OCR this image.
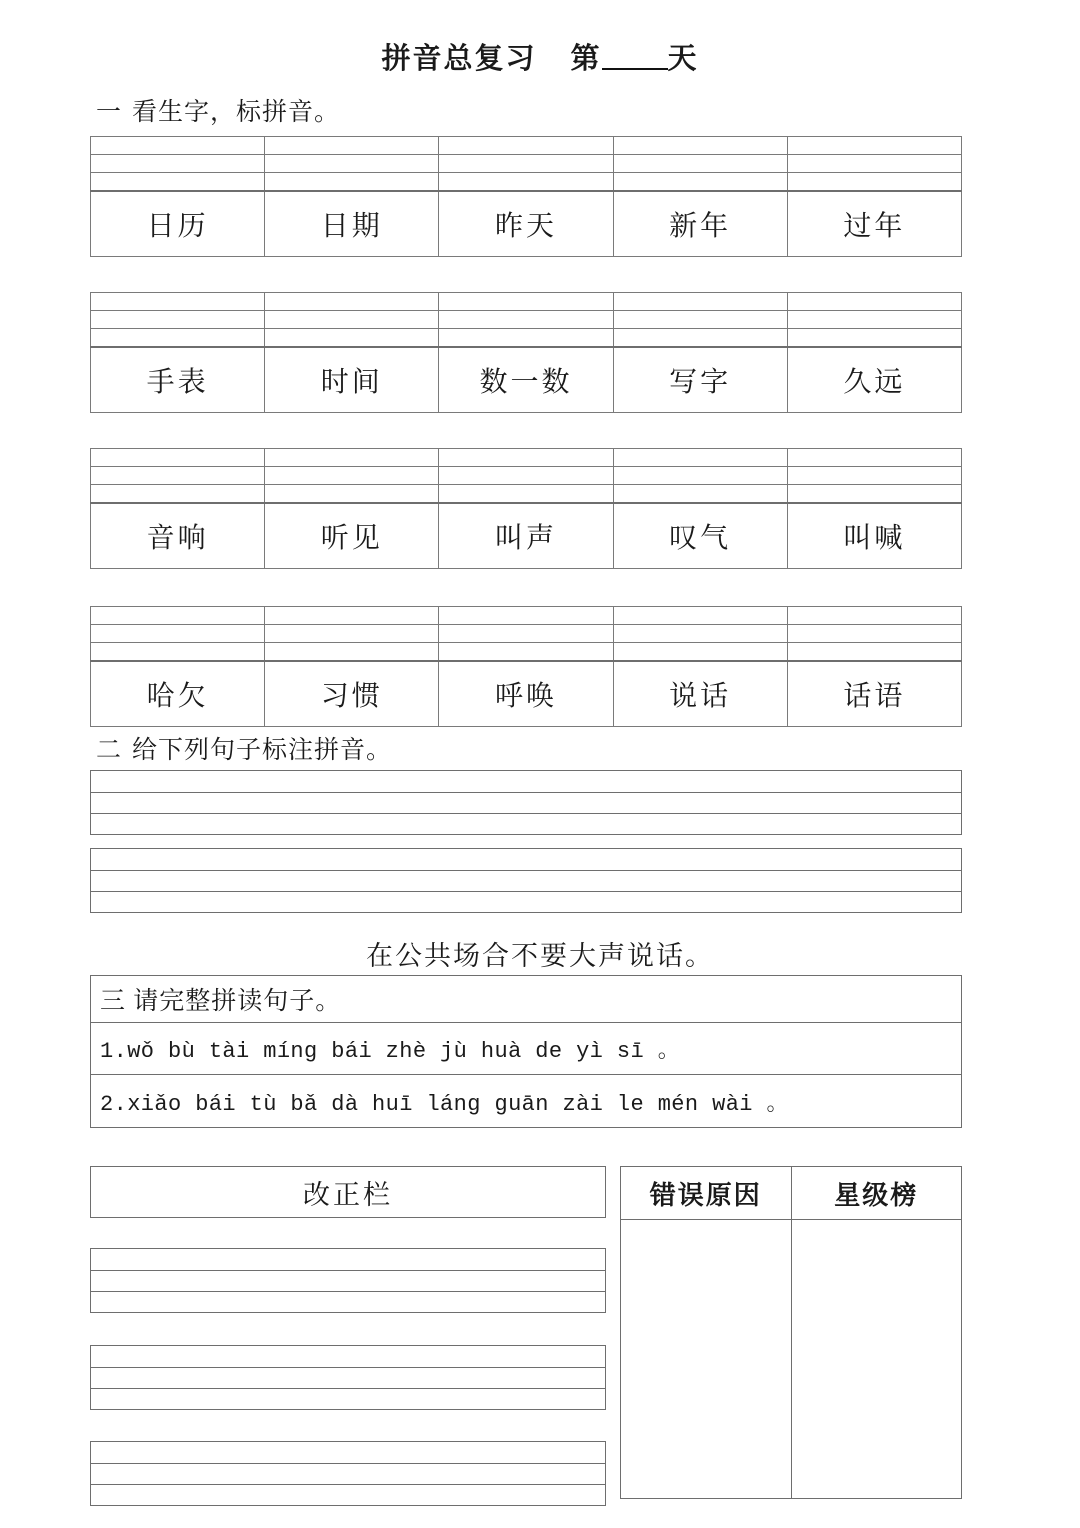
拼音总复习 第 天
一 看生字，标拼音。

日历	日期	昨天	新年	过年

手表	时间	数一数	写字	久远

音响	听见	叫声	叹气	叫喊

哈欠	习惯	呼唤	说话	话语
二 给下列句子标注拼音。
在公共场合不要大声说话。
三 请完整拼读句子。
1.wǒ bù tài míng bái zhè jù huà de yì sī 。
2.xiǎo bái tù bǎ dà huī láng guān zài le mén wài 。
改正栏	错误原因	星级榜
